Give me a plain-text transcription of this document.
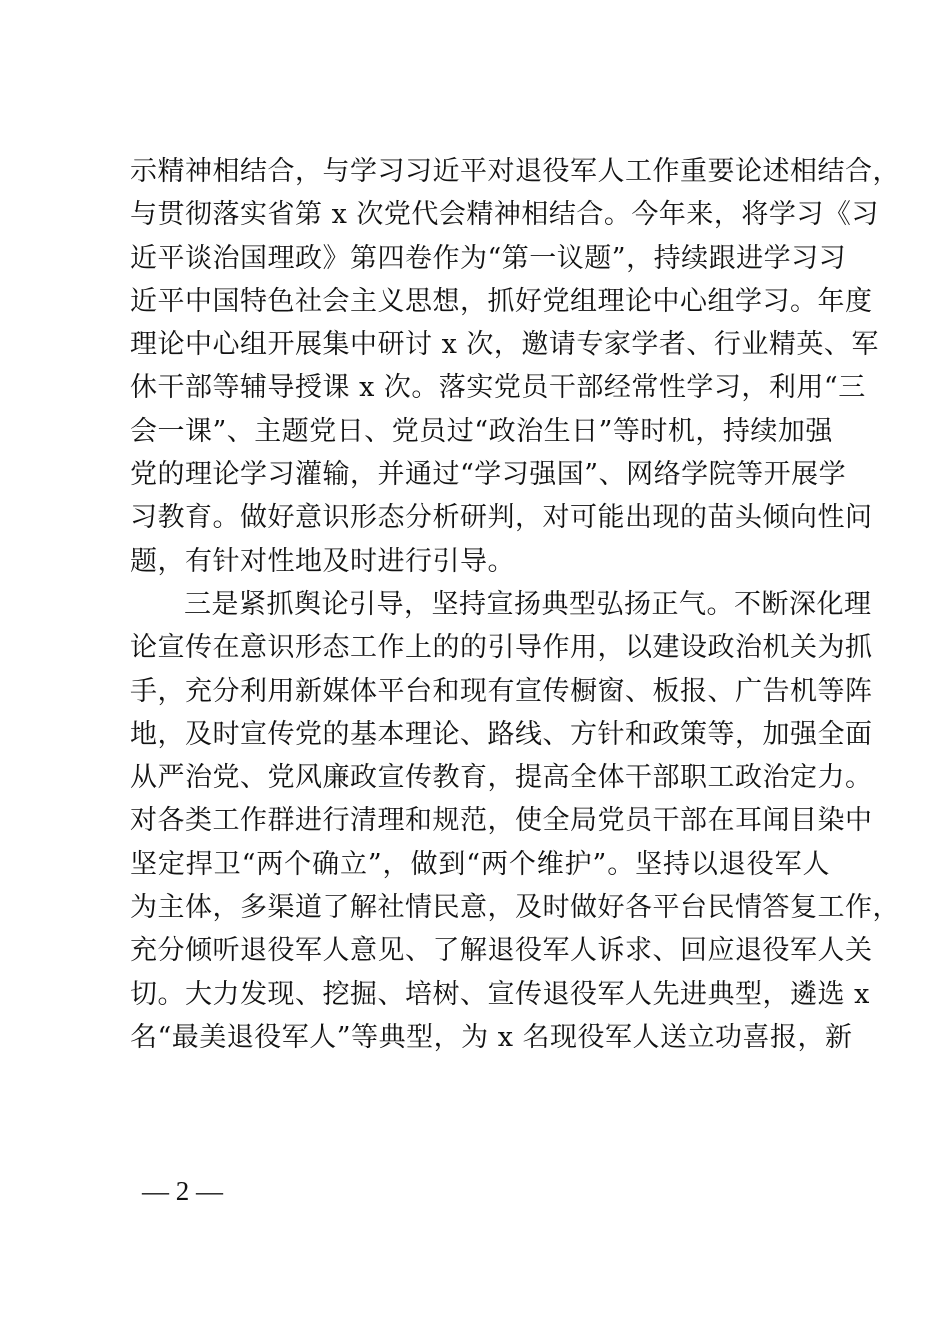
示精神相结合，与学习习近平对退役军人工作重要论述相结合，
与贯彻落实省第 x 次党代会精神相结合。今年来，将学习《习
近平谈治国理政》第四卷作为“第一议题”，持续跟进学习习
近平中国特色社会主义思想，抓好党组理论中心组学习。年度
理论中心组开展集中研讨 x 次，邀请专家学者、行业精英、军
休干部等辅导授课 x 次。落实党员干部经常性学习，利用“三
会一课”、主题党日、党员过“政治生日”等时机，持续加强
党的理论学习灌输，并通过“学习强国”、网络学院等开展学
习教育。做好意识形态分析研判，对可能出现的苗头倾向性问
题，有针对性地及时进行引导。
三是紧抓舆论引导，坚持宣扬典型弘扬正气。不断深化理
论宣传在意识形态工作上的的引导作用，以建设政治机关为抓
手，充分利用新媒体平台和现有宣传橱窗、板报、广告机等阵
地，及时宣传党的基本理论、路线、方针和政策等，加强全面
从严治党、党风廉政宣传教育，提高全体干部职工政治定力。
对各类工作群进行清理和规范，使全局党员干部在耳闻目染中
坚定捍卫“两个确立”，做到“两个维护”。坚持以退役军人
为主体，多渠道了解社情民意，及时做好各平台民情答复工作，
充分倾听退役军人意见、了解退役军人诉求、回应退役军人关
切。大力发现、挖掘、培树、宣传退役军人先进典型，遴选 x
名“最美退役军人”等典型，为 x 名现役军人送立功喜报，新
— 2 —
